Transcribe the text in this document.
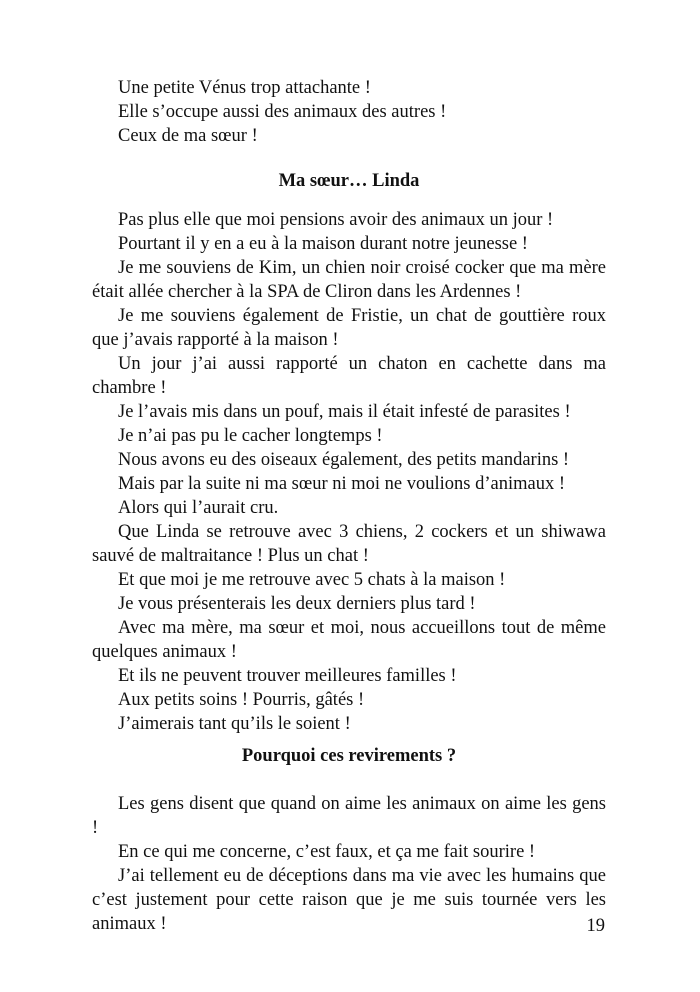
Une petite Vénus trop attachante !

Elle s’occupe aussi des animaux des autres !

Ceux de ma sœur !

Ma sœur… Linda

Pas plus elle que moi pensions avoir des animaux un jour !

Pourtant il y en a eu à la maison durant notre jeunesse !

Je me souviens de Kim, un chien noir croisé cocker que ma mère était allée chercher à la SPA de Cliron dans les Ardennes !

Je me souviens également de Fristie, un chat de gouttière roux que j’avais rapporté à la maison !

Un jour j’ai aussi rapporté un chaton en cachette dans ma chambre !

Je l’avais mis dans un pouf, mais il était infesté de parasites !

Je n’ai pas pu le cacher longtemps !

Nous avons eu des oiseaux également, des petits mandarins !

Mais par la suite ni ma sœur ni moi ne voulions d’animaux !

Alors qui l’aurait cru.

Que Linda se retrouve avec 3 chiens, 2 cockers et un shiwawa sauvé de maltraitance ! Plus un chat !

Et que moi je me retrouve avec 5 chats à la maison !

Je vous présenterais les deux derniers plus tard !

Avec ma mère, ma sœur et moi, nous accueillons tout de même quelques animaux !

Et ils ne peuvent trouver meilleures familles !

Aux petits soins ! Pourris, gâtés !

J’aimerais tant qu’ils le soient !

Pourquoi ces revirements ?

Les gens disent que quand on aime les animaux on aime les gens !

En ce qui me concerne, c’est faux, et ça me fait sourire !

J’ai tellement eu de déceptions dans ma vie avec les humains que c’est justement pour cette raison que je me suis tournée vers les animaux !	19
